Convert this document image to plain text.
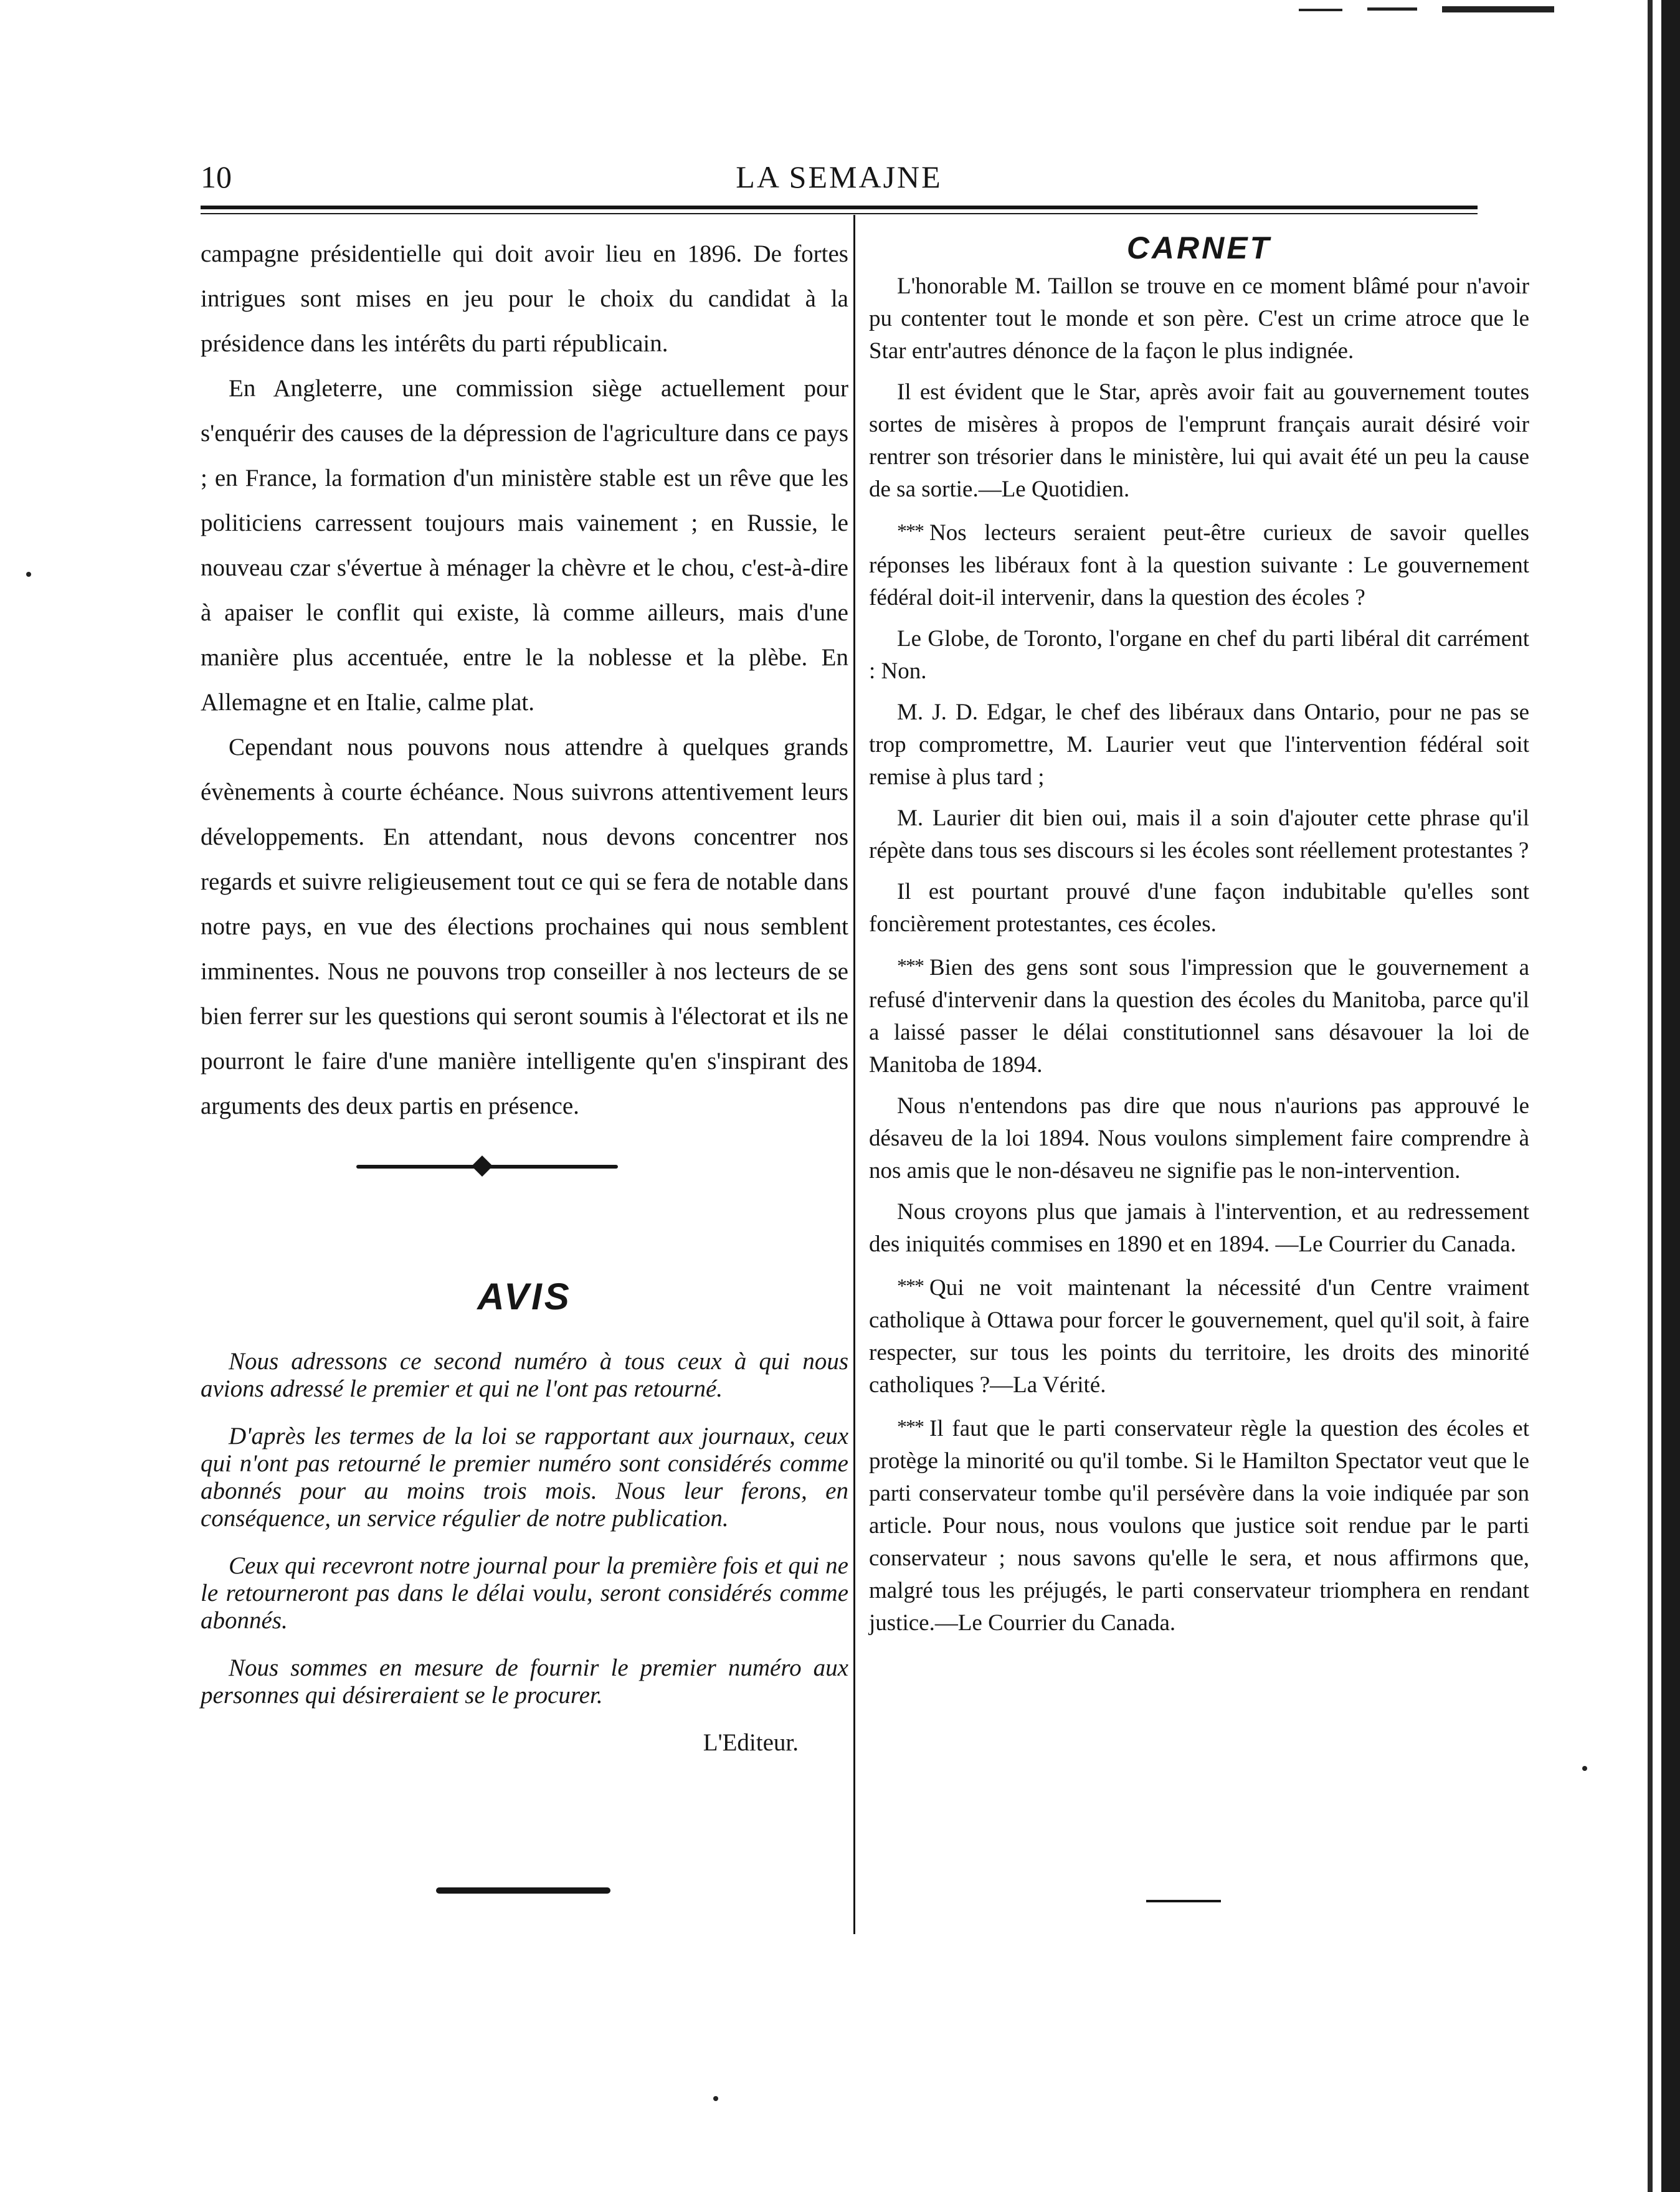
10	LA SEMAJNE

campagne présidentielle qui doit avoir lieu en 1896. De fortes intrigues sont mises en jeu pour le choix du candidat à la présidence dans les intérêts du parti républicain.

En Angleterre, une commission siège actuellement pour s'enquérir des causes de la dépression de l'agriculture dans ce pays ; en France, la formation d'un ministère stable est un rêve que les politiciens carressent toujours mais vainement ; en Russie, le nouveau czar s'évertue à ménager la chèvre et le chou, c'est-à-dire à apaiser le conflit qui existe, là comme ailleurs, mais d'une manière plus accentuée, entre le la noblesse et la plèbe. En Allemagne et en Italie, calme plat.

Cependant nous pouvons nous attendre à quelques grands évènements à courte échéance. Nous suivrons attentivement leurs développements. En attendant, nous devons concentrer nos regards et suivre religieusement tout ce qui se fera de notable dans notre pays, en vue des élections prochaines qui nous semblent imminentes. Nous ne pouvons trop conseiller à nos lecteurs de se bien ferrer sur les questions qui seront soumis à l'électorat et ils ne pourront le faire d'une manière intelligente qu'en s'inspirant des arguments des deux partis en présence.

AVIS

Nous adressons ce second numéro à tous ceux à qui nous avions adressé le premier et qui ne l'ont pas retourné.

D'après les termes de la loi se rapportant aux journaux, ceux qui n'ont pas retourné le premier numéro sont considérés comme abonnés pour au moins trois mois. Nous leur ferons, en conséquence, un service régulier de notre publication.

Ceux qui recevront notre journal pour la première fois et qui ne le retourneront pas dans le délai voulu, seront considérés comme abonnés.

Nous sommes en mesure de fournir le premier numéro aux personnes qui désireraient se le procurer.

L'Editeur.
CARNET

L'honorable M. Taillon se trouve en ce moment blâmé pour n'avoir pu contenter tout le monde et son père. C'est un crime atroce que le Star entr'autres dénonce de la façon le plus indignée.

Il est évident que le Star, après avoir fait au gouvernement toutes sortes de misères à propos de l'emprunt français aurait désiré voir rentrer son trésorier dans le ministère, lui qui avait été un peu la cause de sa sortie.—Le Quotidien.

*** Nos lecteurs seraient peut-être curieux de savoir quelles réponses les libéraux font à la question suivante : Le gouvernement fédéral doit-il intervenir, dans la question des écoles ?

Le Globe, de Toronto, l'organe en chef du parti libéral dit carrément : Non.

M. J. D. Edgar, le chef des libéraux dans Ontario, pour ne pas se trop compromettre, M. Laurier veut que l'intervention fédéral soit remise à plus tard ;

M. Laurier dit bien oui, mais il a soin d'ajouter cette phrase qu'il répète dans tous ses discours si les écoles sont réellement protestantes ?

Il est pourtant prouvé d'une façon indubitable qu'elles sont foncièrement protestantes, ces écoles.

*** Bien des gens sont sous l'impression que le gouvernement a refusé d'intervenir dans la question des écoles du Manitoba, parce qu'il a laissé passer le délai constitutionnel sans désavouer la loi de Manitoba de 1894.

Nous n'entendons pas dire que nous n'aurions pas approuvé le désaveu de la loi 1894. Nous voulons simplement faire comprendre à nos amis que le non-désaveu ne signifie pas le non-intervention.

Nous croyons plus que jamais à l'intervention, et au redressement des iniquités commises en 1890 et en 1894. —Le Courrier du Canada.

*** Qui ne voit maintenant la nécessité d'un Centre vraiment catholique à Ottawa pour forcer le gouvernement, quel qu'il soit, à faire respecter, sur tous les points du territoire, les droits des minorité catholiques ?—La Vérité.

*** Il faut que le parti conservateur règle la question des écoles et protège la minorité ou qu'il tombe. Si le Hamilton Spectator veut que le parti conservateur tombe qu'il persévère dans la voie indiquée par son article. Pour nous, nous voulons que justice soit rendue par le parti conservateur ; nous savons qu'elle le sera, et nous affirmons que, malgré tous les préjugés, le parti conservateur triomphera en rendant justice.—Le Courrier du Canada.
